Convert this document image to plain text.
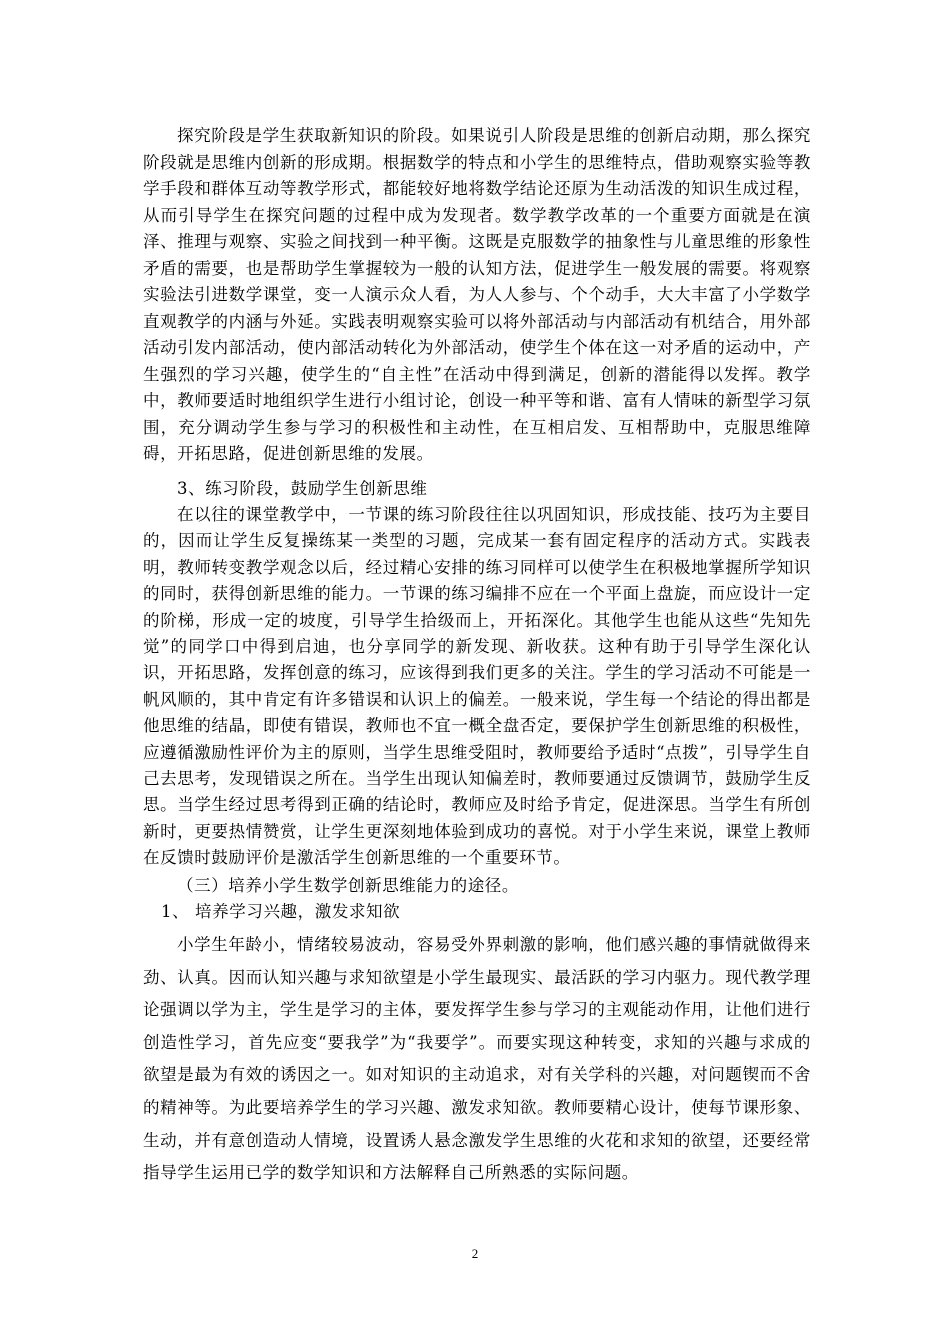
探究阶段是学生获取新知识的阶段。如果说引人阶段是思维的创新启动期，那么探究阶段就是思维内创新的形成期。根据数学的特点和小学生的思维特点，借助观察实验等教学手段和群体互动等教学形式，都能较好地将数学结论还原为生动活泼的知识生成过程，从而引导学生在探究问题的过程中成为发现者。数学教学改革的一个重要方面就是在演泽、推理与观察、实验之间找到一种平衡。这既是克服数学的抽象性与儿童思维的形象性矛盾的需要，也是帮助学生掌握较为一般的认知方法，促进学生一般发展的需要。将观察实验法引进数学课堂，变一人演示众人看，为人人参与、个个动手，大大丰富了小学数学直观教学的内涵与外延。实践表明观察实验可以将外部活动与内部活动有机结合，用外部活动引发内部活动，使内部活动转化为外部活动，使学生个体在这一对矛盾的运动中，产生强烈的学习兴趣，使学生的“自主性”在活动中得到满足，创新的潜能得以发挥。教学中，教师要适时地组织学生进行小组讨论，创设一种平等和谐、富有人情味的新型学习氛围，充分调动学生参与学习的积极性和主动性，在互相启发、互相帮助中，克服思维障碍，开拓思路，促进创新思维的发展。

3、练习阶段，鼓励学生创新思维

在以往的课堂教学中，一节课的练习阶段往往以巩固知识，形成技能、技巧为主要目的，因而让学生反复操练某一类型的习题，完成某一套有固定程序的活动方式。实践表明，教师转变教学观念以后，经过精心安排的练习同样可以使学生在积极地掌握所学知识的同时，获得创新思维的能力。一节课的练习编排不应在一个平面上盘旋，而应设计一定的阶梯，形成一定的坡度，引导学生拾级而上，开拓深化。其他学生也能从这些“先知先觉”的同学口中得到启迪，也分享同学的新发现、新收获。这种有助于引导学生深化认识，开拓思路，发挥创意的练习，应该得到我们更多的关注。学生的学习活动不可能是一帆风顺的，其中肯定有许多错误和认识上的偏差。一般来说，学生每一个结论的得出都是他思维的结晶，即使有错误，教师也不宜一概全盘否定，要保护学生创新思维的积极性，应遵循激励性评价为主的原则，当学生思维受阻时，教师要给予适时“点拨”，引导学生自己去思考，发现错误之所在。当学生出现认知偏差时，教师要通过反馈调节，鼓励学生反思。当学生经过思考得到正确的结论时，教师应及时给予肯定，促进深思。当学生有所创新时，更要热情赞赏，让学生更深刻地体验到成功的喜悦。对于小学生来说，课堂上教师在反馈时鼓励评价是激活学生创新思维的一个重要环节。

（三）培养小学生数学创新思维能力的途径。

1、 培养学习兴趣，激发求知欲

小学生年龄小，情绪较易波动，容易受外界刺激的影响，他们感兴趣的事情就做得来劲、认真。因而认知兴趣与求知欲望是小学生最现实、最活跃的学习内驱力。现代教学理论强调以学为主，学生是学习的主体，要发挥学生参与学习的主观能动作用，让他们进行创造性学习，首先应变“要我学”为“我要学”。而要实现这种转变，求知的兴趣与求成的欲望是最为有效的诱因之一。如对知识的主动追求，对有关学科的兴趣，对问题锲而不舍的精神等。为此要培养学生的学习兴趣、激发求知欲。教师要精心设计，使每节课形象、生动，并有意创造动人情境，设置诱人悬念激发学生思维的火花和求知的欲望，还要经常指导学生运用已学的数学知识和方法解释自己所熟悉的实际问题。

2
